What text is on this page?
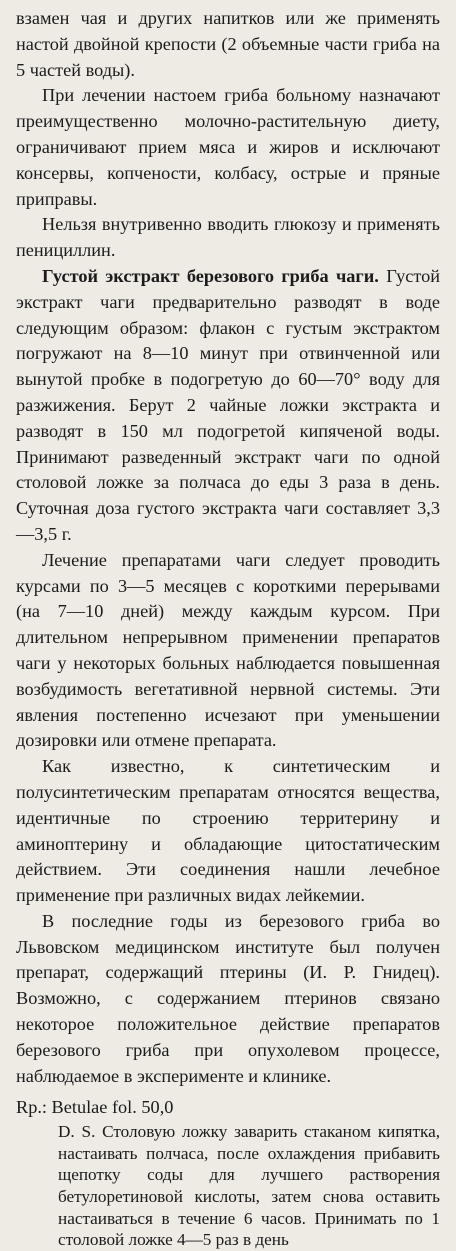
взамен чая и других напитков или же применять настой двойной крепости (2 объемные части гриба на 5 частей воды).

При лечении настоем гриба больному назначают преимущественно молочно-растительную диету, ограничивают прием мяса и жиров и исключают консервы, копчености, колбасу, острые и пряные приправы.

Нельзя внутривенно вводить глюкозу и применять пенициллин.

Густой экстракт березового гриба чаги. Густой экстракт чаги предварительно разводят в воде следующим образом: флакон с густым экстрактом погружают на 8—10 минут при отвинченной или вынутой пробке в подогретую до 60—70° воду для разжижения. Берут 2 чайные ложки экстракта и разводят в 150 мл подогретой кипяченой воды. Принимают разведенный экстракт чаги по одной столовой ложке за полчаса до еды 3 раза в день. Суточная доза густого экстракта чаги составляет 3,3—3,5 г.

Лечение препаратами чаги следует проводить курсами по 3—5 месяцев с короткими перерывами (на 7—10 дней) между каждым курсом. При длительном непрерывном применении препаратов чаги у некоторых больных наблюдается повышенная возбудимость вегетативной нервной системы. Эти явления постепенно исчезают при уменьшении дозировки или отмене препарата.

Как известно, к синтетическим и полусинтетическим препаратам относятся вещества, идентичные по строению территерину и аминоптерину и обладающие цитостатическим действием. Эти соединения нашли лечебное применение при различных видах лейкемии.

В последние годы из березового гриба во Львовском медицинском институте был получен препарат, содержащий птерины (И. Р. Гнидец). Возможно, с содержанием птеринов связано некоторое положительное действие препаратов березового гриба при опухолевом процессе, наблюдаемое в эксперименте и клинике.

Rp.: Betulae fol. 50,0

D. S. Столовую ложку заварить стаканом кипятка, настаивать полчаса, после охлаждения прибавить щепотку соды для лучшего растворения бетулоретиновой кислоты, затем снова оставить настаиваться в течение 6 часов. Принимать по 1 столовой ложке 4—5 раз в день
